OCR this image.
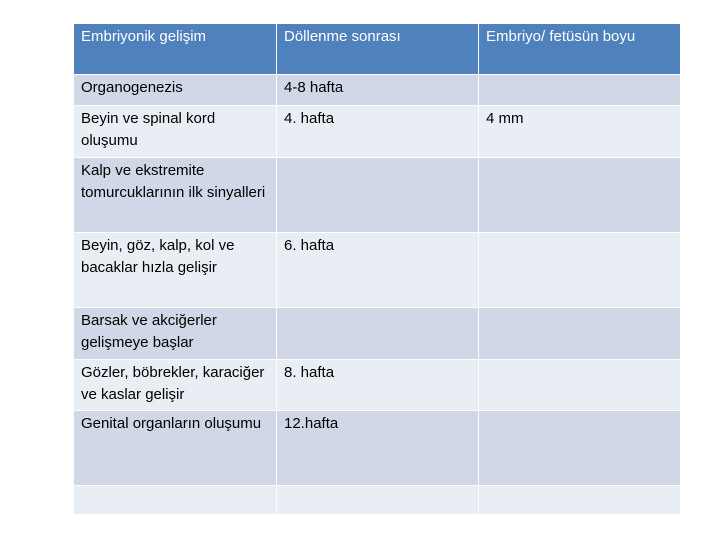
Embriyonik gelişim	Döllenme sonrası	Embriyo/ fetüsün boyu
Organogenezis	4-8 hafta	
Beyin ve spinal kord oluşumu	4. hafta	4 mm
Kalp ve ekstremite tomurcuklarının ilk sinyalleri		
Beyin, göz, kalp, kol ve bacaklar hızla gelişir	6. hafta	
Barsak ve akciğerler gelişmeye başlar		
Gözler, böbrekler, karaciğer ve kaslar gelişir	8. hafta	
Genital organların oluşumu	12.hafta	
